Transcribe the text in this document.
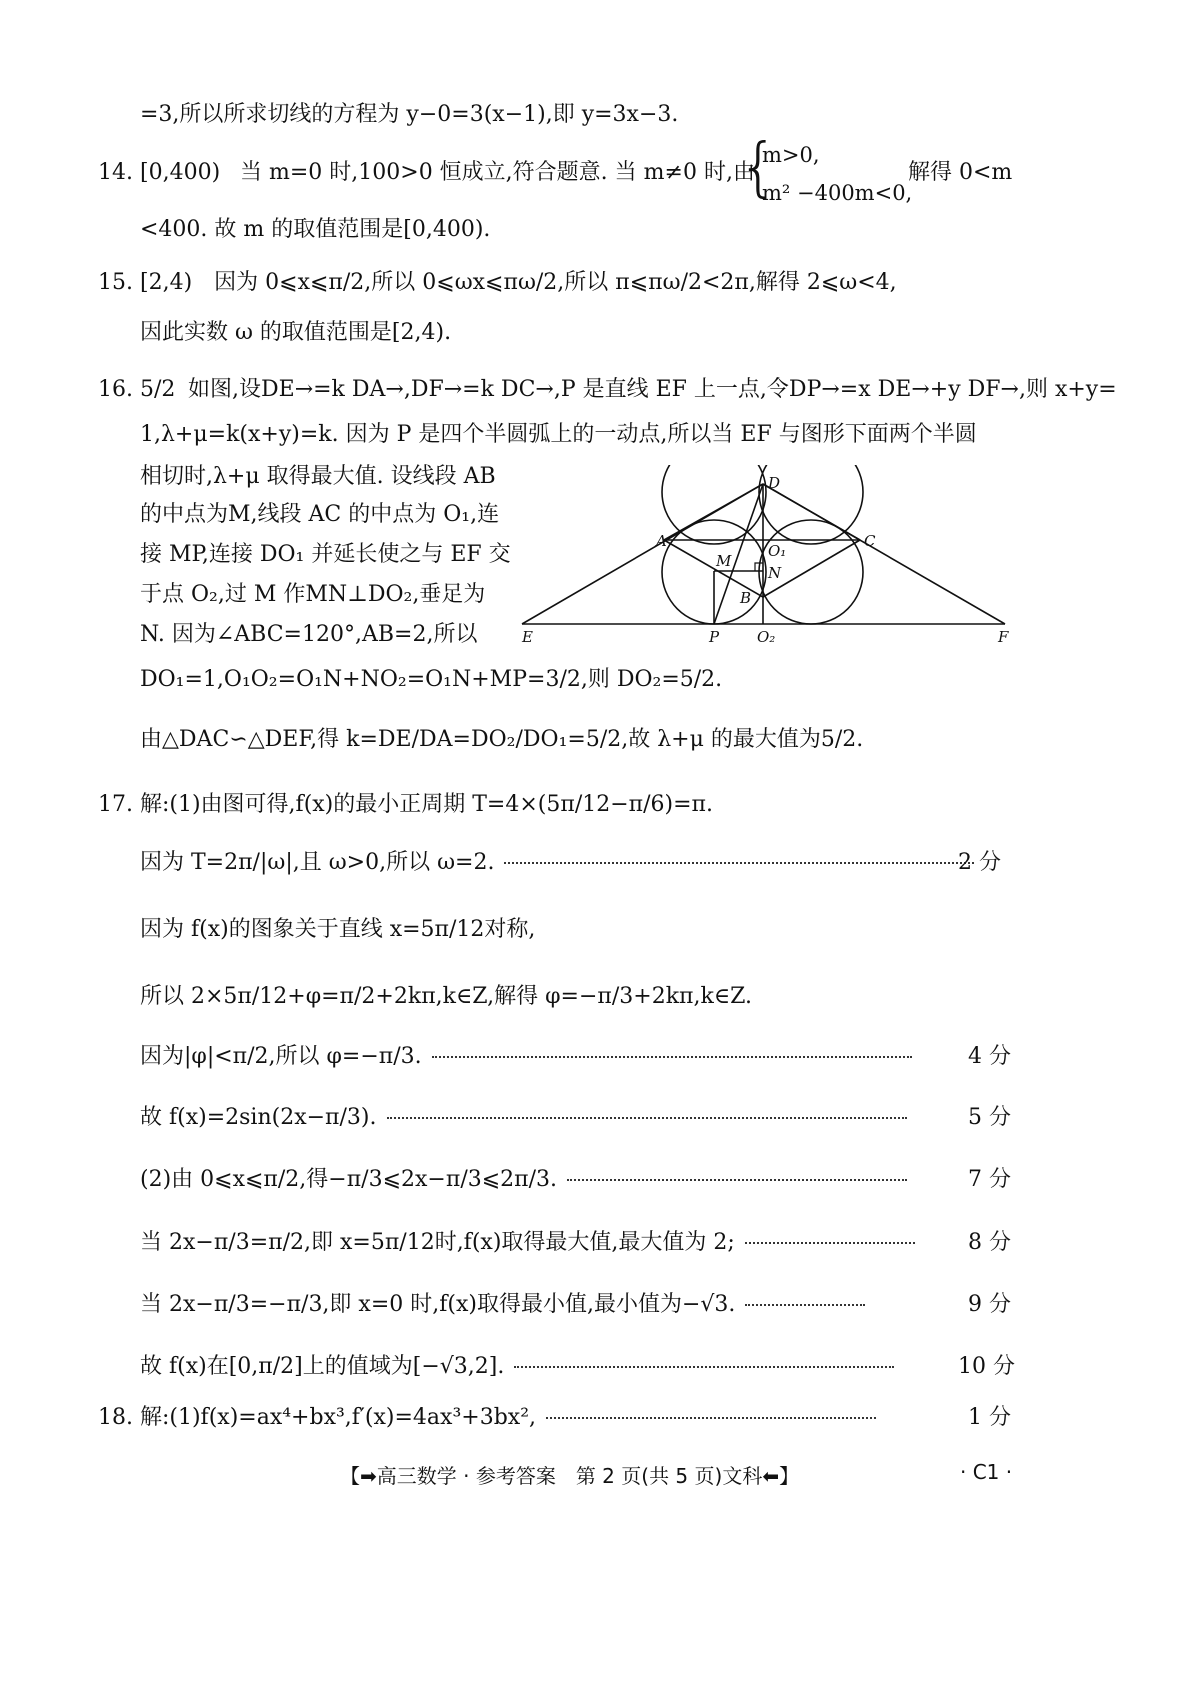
=3,所以所求切线的方程为 y−0=3(x−1),即 y=3x−3.
14. [0,400) 当 m=0 时,100>0 恒成立,符合题意. 当 m≠0 时,由
{
m>0,
m² −400m<0,
解得 0<m
<400. 故 m 的取值范围是[0,400).
15. [2,4)　因为 0⩽x⩽π/2,所以 0⩽ωx⩽πω/2,所以 π⩽πω/2<2π,解得 2⩽ω<4,
因此实数 ω 的取值范围是[2,4).
16. 5/2 如图,设DE→=k DA→,DF→=k DC→,P 是直线 EF 上一点,令DP→=x DE→+y DF→,则 x+y=
1,λ+μ=k(x+y)=k. 因为 P 是四个半圆弧上的一动点,所以当 EF 与图形下面两个半圆
相切时,λ+μ 取得最大值. 设线段 AB
的中点为M,线段 AC 的中点为 O₁,连
接 MP,连接 DO₁ 并延长使之与 EF 交
于点 O₂,过 M 作MN⊥DO₂,垂足为
N. 因为∠ABC=120°,AB=2,所以
A
B
C
D
E	F
M
N
P
O₁
O₂
DO₁=1,O₁O₂=O₁N+NO₂=O₁N+MP=3/2,则 DO₂=5/2.
由△DAC∽△DEF,得 k=DE/DA=DO₂/DO₁=5/2,故 λ+μ 的最大值为5/2.
17. 解:(1)由图可得,f(x)的最小正周期 T=4×(5π/12−π/6)=π.
因为 T=2π/|ω|,且 ω>0,所以 ω=2.	2 分
因为 f(x)的图象关于直线 x=5π/12对称,
所以 2×5π/12+φ=π/2+2kπ,k∈Z,解得 φ=−π/3+2kπ,k∈Z.
因为|φ|<π/2,所以 φ=−π/3.	4 分
故 f(x)=2sin(2x−π/3).	5 分
(2)由 0⩽x⩽π/2,得−π/3⩽2x−π/3⩽2π/3.	7 分
当 2x−π/3=π/2,即 x=5π/12时,f(x)取得最大值,最大值为 2;	8 分
当 2x−π/3=−π/3,即 x=0 时,f(x)取得最小值,最小值为−√3.	9 分
故 f(x)在[0,π/2]上的值域为[−√3,2].	10 分
18. 解:(1)f(x)=ax⁴+bx³,f′(x)=4ax³+3bx²,	1 分
【➡高三数学 · 参考答案　第 2 页(共 5 页)文科⬅】	· C1 ·
